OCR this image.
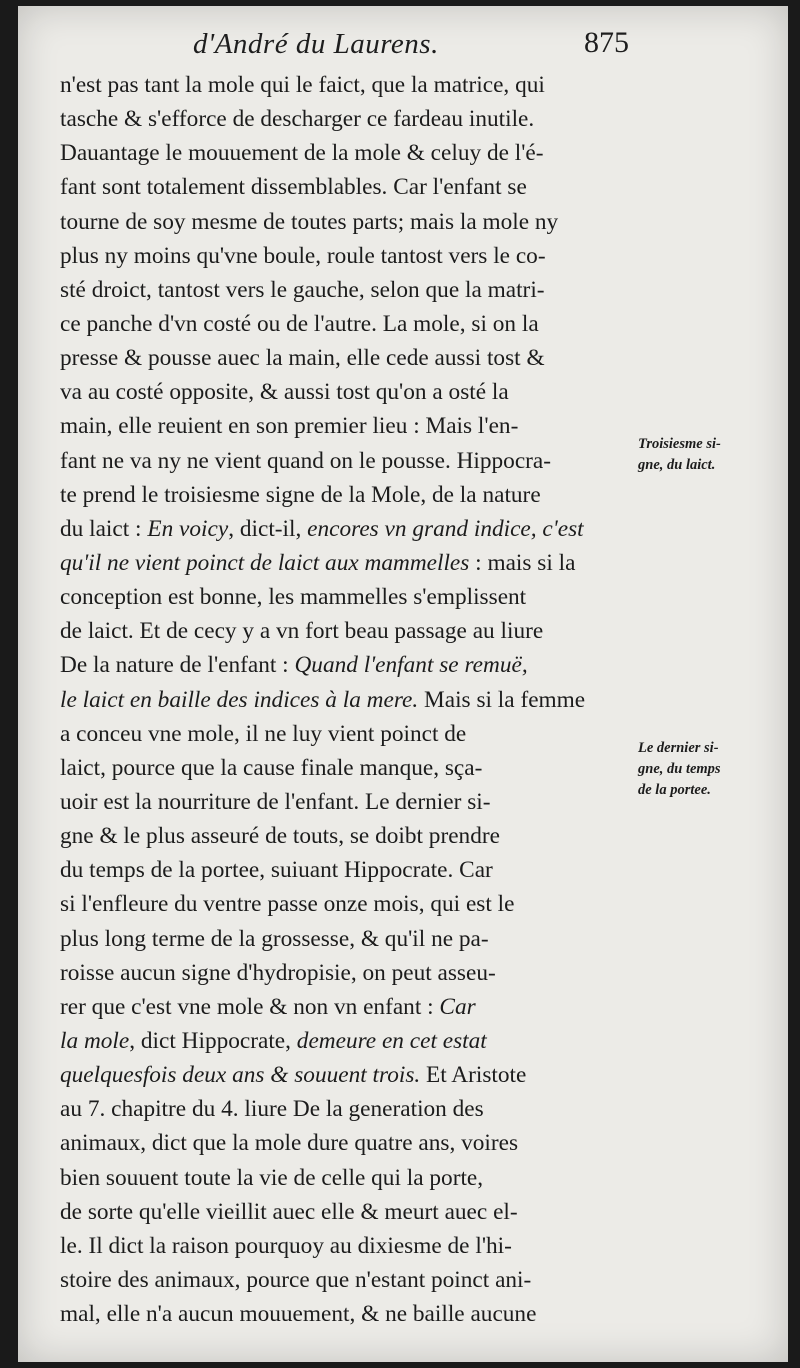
d'André du Laurens.	875
n'est pas tant la mole qui le faict, que la matrice, qui
tasche & s'efforce de descharger ce fardeau inutile.
Dauantage le mouuement de la mole & celuy de l'é-
fant sont totalement dissemblables. Car l'enfant se
tourne de soy mesme de toutes parts; mais la mole ny
plus ny moins qu'vne boule, roule tantost vers le co-
sté droict, tantost vers le gauche, selon que la matri-
ce panche d'vn costé ou de l'autre. La mole, si on la
presse & pousse auec la main, elle cede aussi tost &
va au costé opposite, & aussi tost qu'on a osté la
main, elle reuient en son premier lieu : Mais l'en-
fant ne va ny ne vient quand on le pousse. Hippocra-
te prend le troisiesme signe de la Mole, de la nature
du laict : En voicy, dict-il, encores vn grand indice, c'est
qu'il ne vient poinct de laict aux mammelles : mais si la
conception est bonne, les mammelles s'emplissent
de laict. Et de cecy y a vn fort beau passage au liure
De la nature de l'enfant : Quand l'enfant se remuë,
le laict en baille des indices à la mere. Mais si la femme
a conceu vne mole, il ne luy vient poinct de
laict, pource que la cause finale manque, sça-
uoir est la nourriture de l'enfant. Le dernier si-
gne & le plus asseuré de touts, se doibt prendre
du temps de la portee, suiuant Hippocrate. Car
si l'enfleure du ventre passe onze mois, qui est le
plus long terme de la grossesse, & qu'il ne pa-
roisse aucun signe d'hydropisie, on peut asseu-
rer que c'est vne mole & non vn enfant : Car
la mole, dict Hippocrate, demeure en cet estat
quelquesfois deux ans & souuent trois. Et Aristote
au 7. chapitre du 4. liure De la generation des
animaux, dict que la mole dure quatre ans, voires
bien souuent toute la vie de celle qui la porte,
de sorte qu'elle vieillit auec elle & meurt auec el-
le. Il dict la raison pourquoy au dixiesme de l'hi-
stoire des animaux, pource que n'estant poinct ani-
mal, elle n'a aucun mouuement, & ne baille aucune
Troisiesme si-
gne, du laict.
Le dernier si-
gne, du temps
de la portee.
